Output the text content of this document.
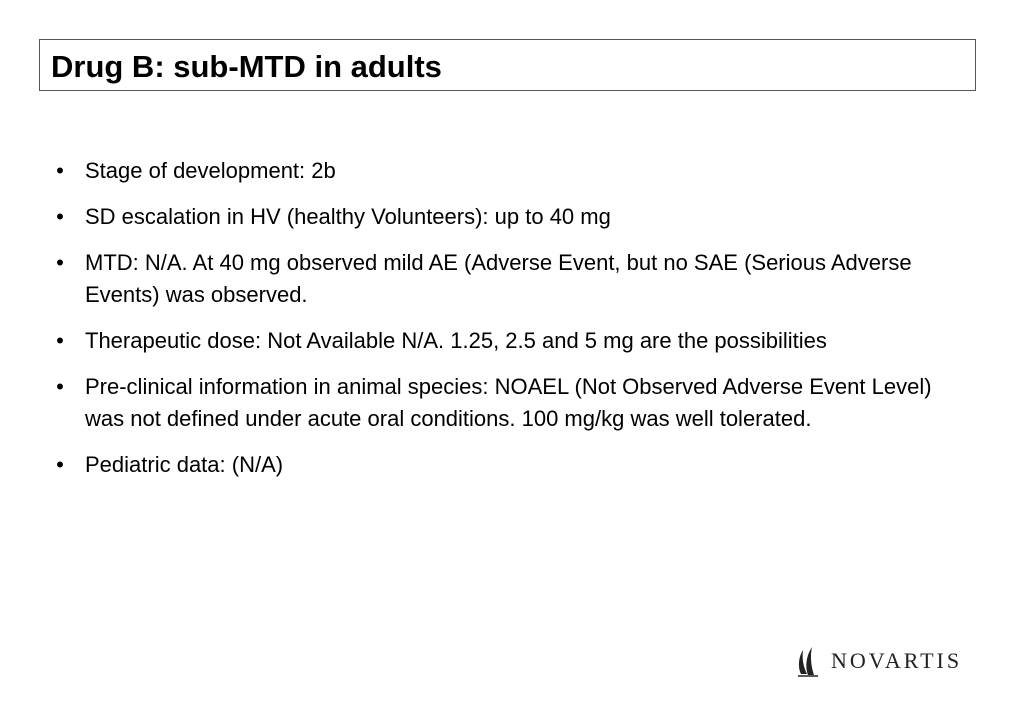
Drug B: sub-MTD in adults
• Stage of development: 2b
• SD escalation in HV (healthy Volunteers): up to 40 mg
• MTD: N/A. At 40 mg observed mild AE (Adverse Event, but no SAE (Serious Adverse Events) was observed.
• Therapeutic dose: Not Available N/A. 1.25, 2.5 and 5 mg are the possibilities
• Pre-clinical information in animal species: NOAEL (Not Observed Adverse Event Level) was not defined under acute oral conditions. 100 mg/kg was well tolerated.
• Pediatric data: (N/A)
NOVARTIS
